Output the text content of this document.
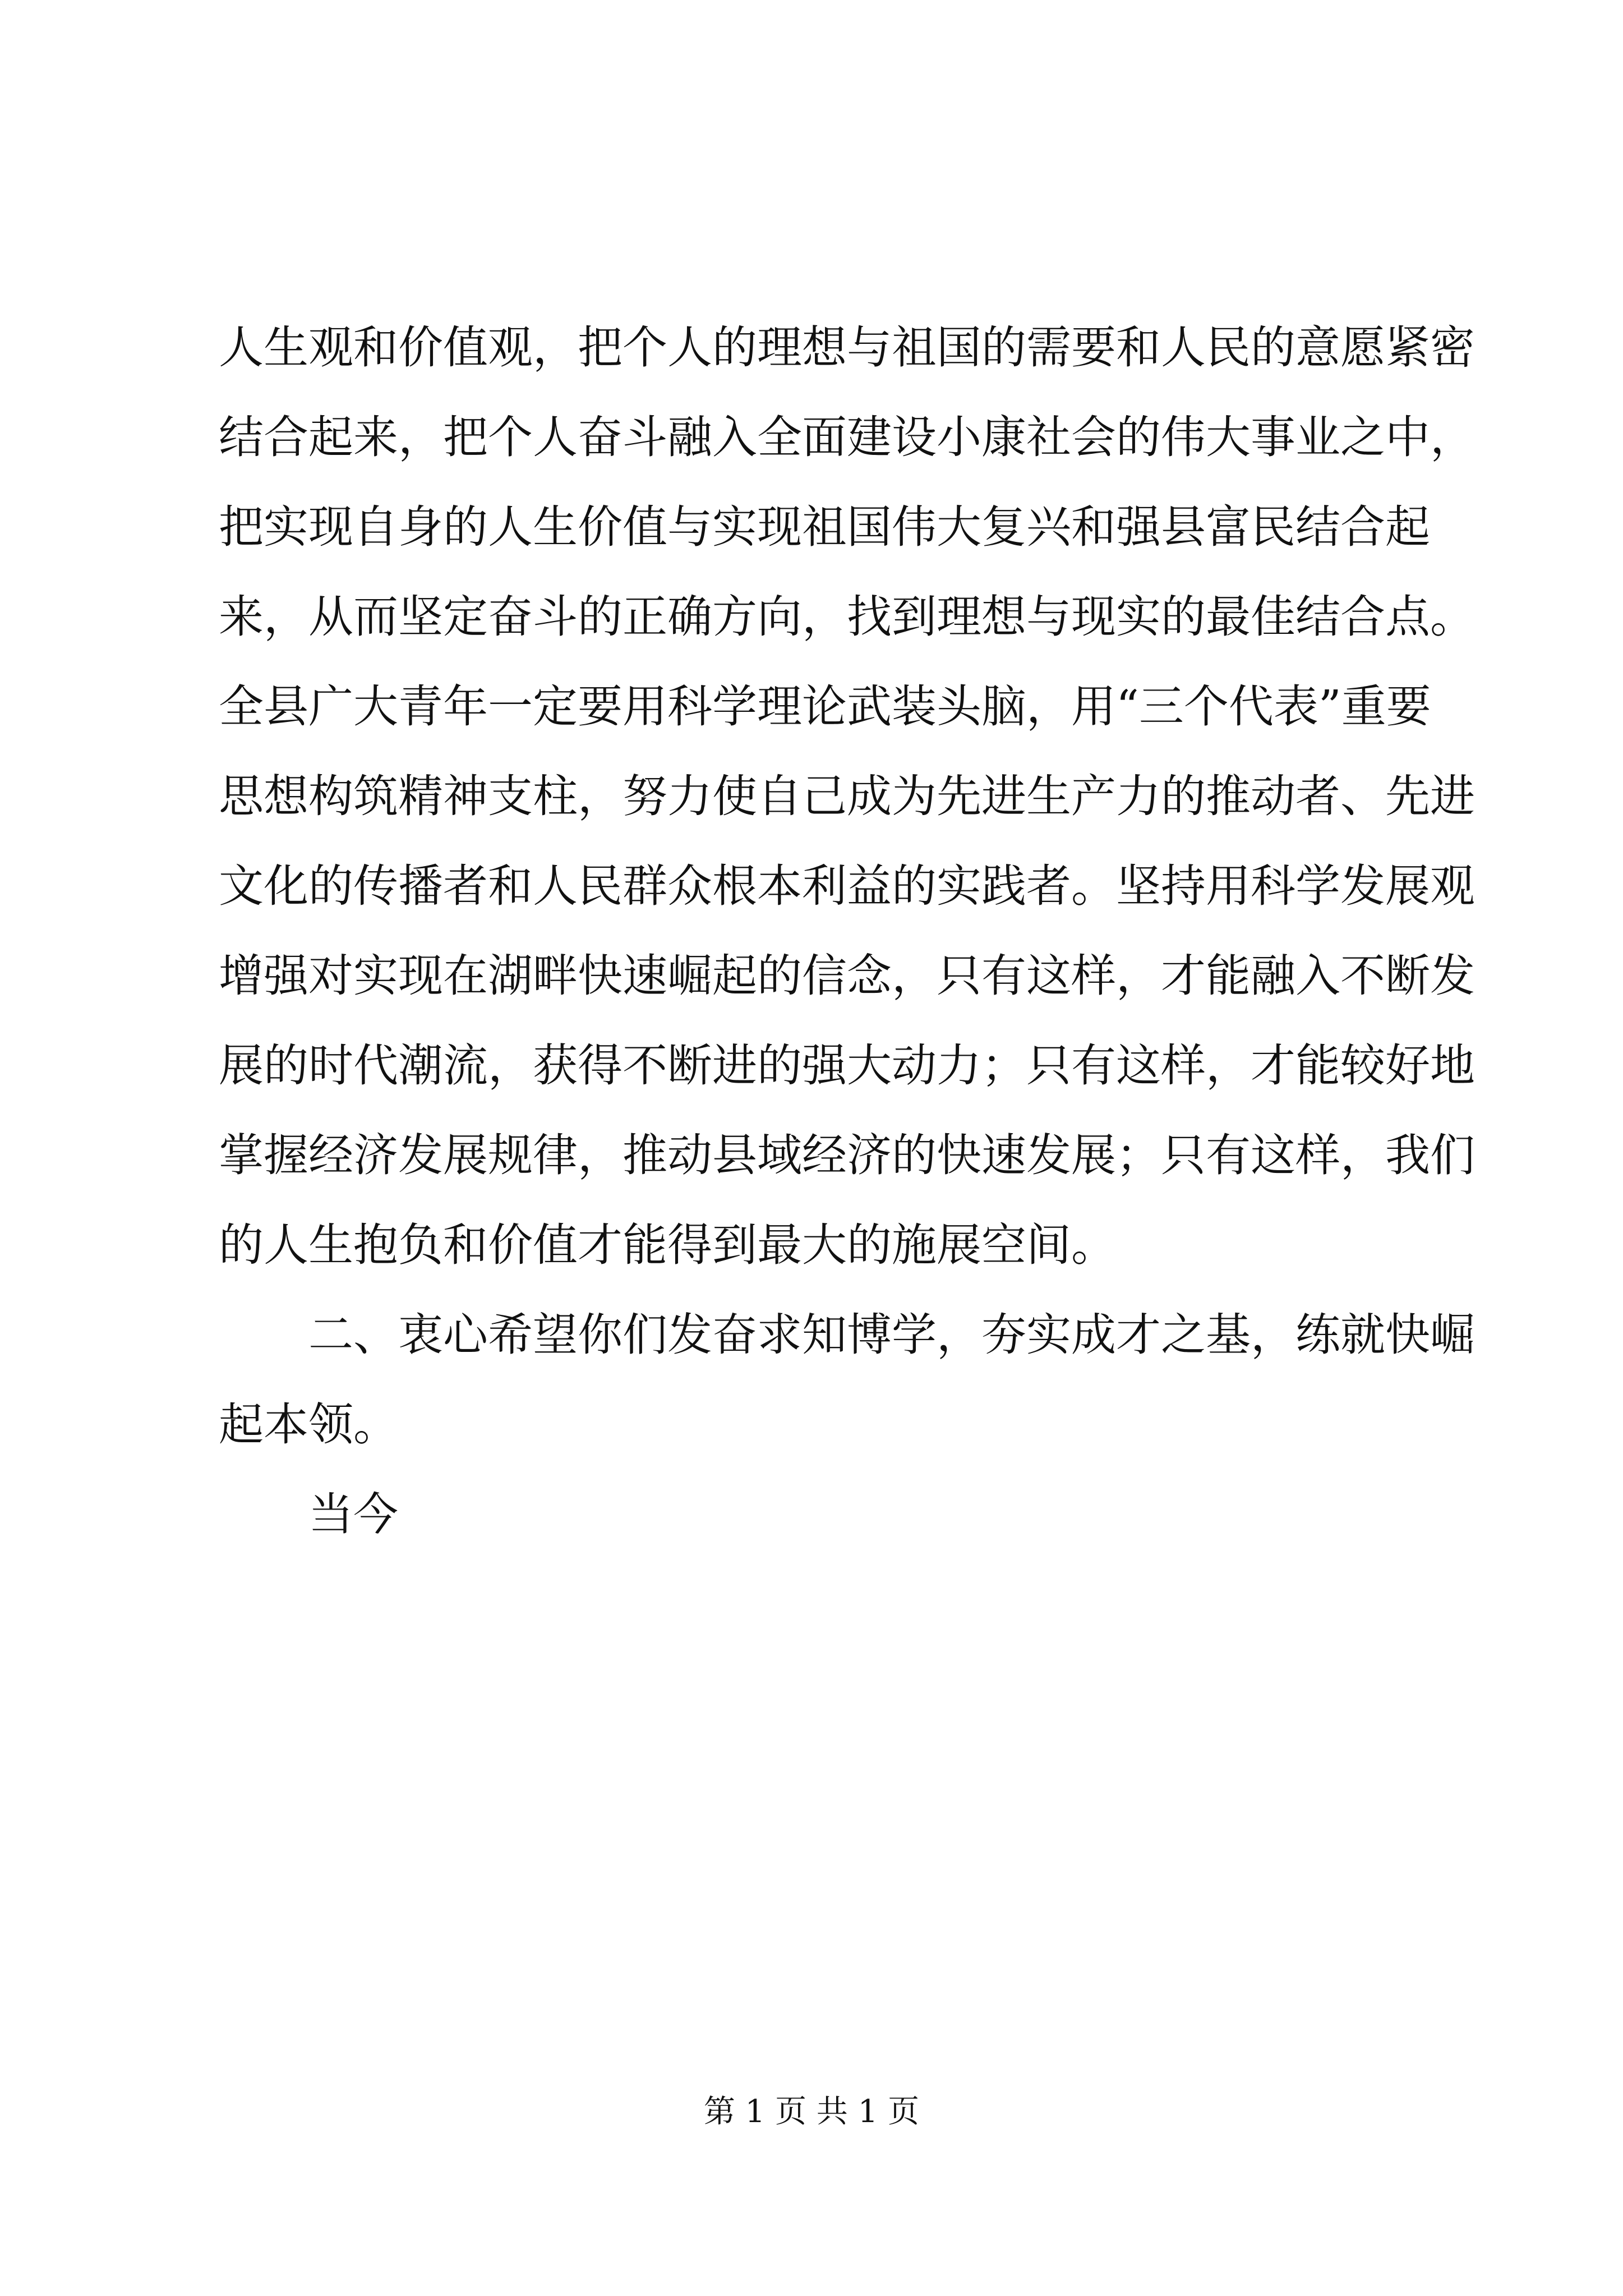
人生观和价值观，把个人的理想与祖国的需要和人民的意愿紧密
结合起来，把个人奋斗融入全面建设小康社会的伟大事业之中，
把实现自身的人生价值与实现祖国伟大复兴和强县富民结合起
来，从而坚定奋斗的正确方向，找到理想与现实的最佳结合点。
全县广大青年一定要用科学理论武装头脑，用“三个代表”重要
思想构筑精神支柱，努力使自己成为先进生产力的推动者、先进
文化的传播者和人民群众根本利益的实践者。坚持用科学发展观
增强对实现在湖畔快速崛起的信念，只有这样，才能融入不断发
展的时代潮流，获得不断进的强大动力；只有这样，才能较好地
掌握经济发展规律，推动县域经济的快速发展；只有这样，我们
的人生抱负和价值才能得到最大的施展空间。
二、衷心希望你们发奋求知博学，夯实成才之基，练就快崛
起本领。
当今
第 1 页 共 1 页
